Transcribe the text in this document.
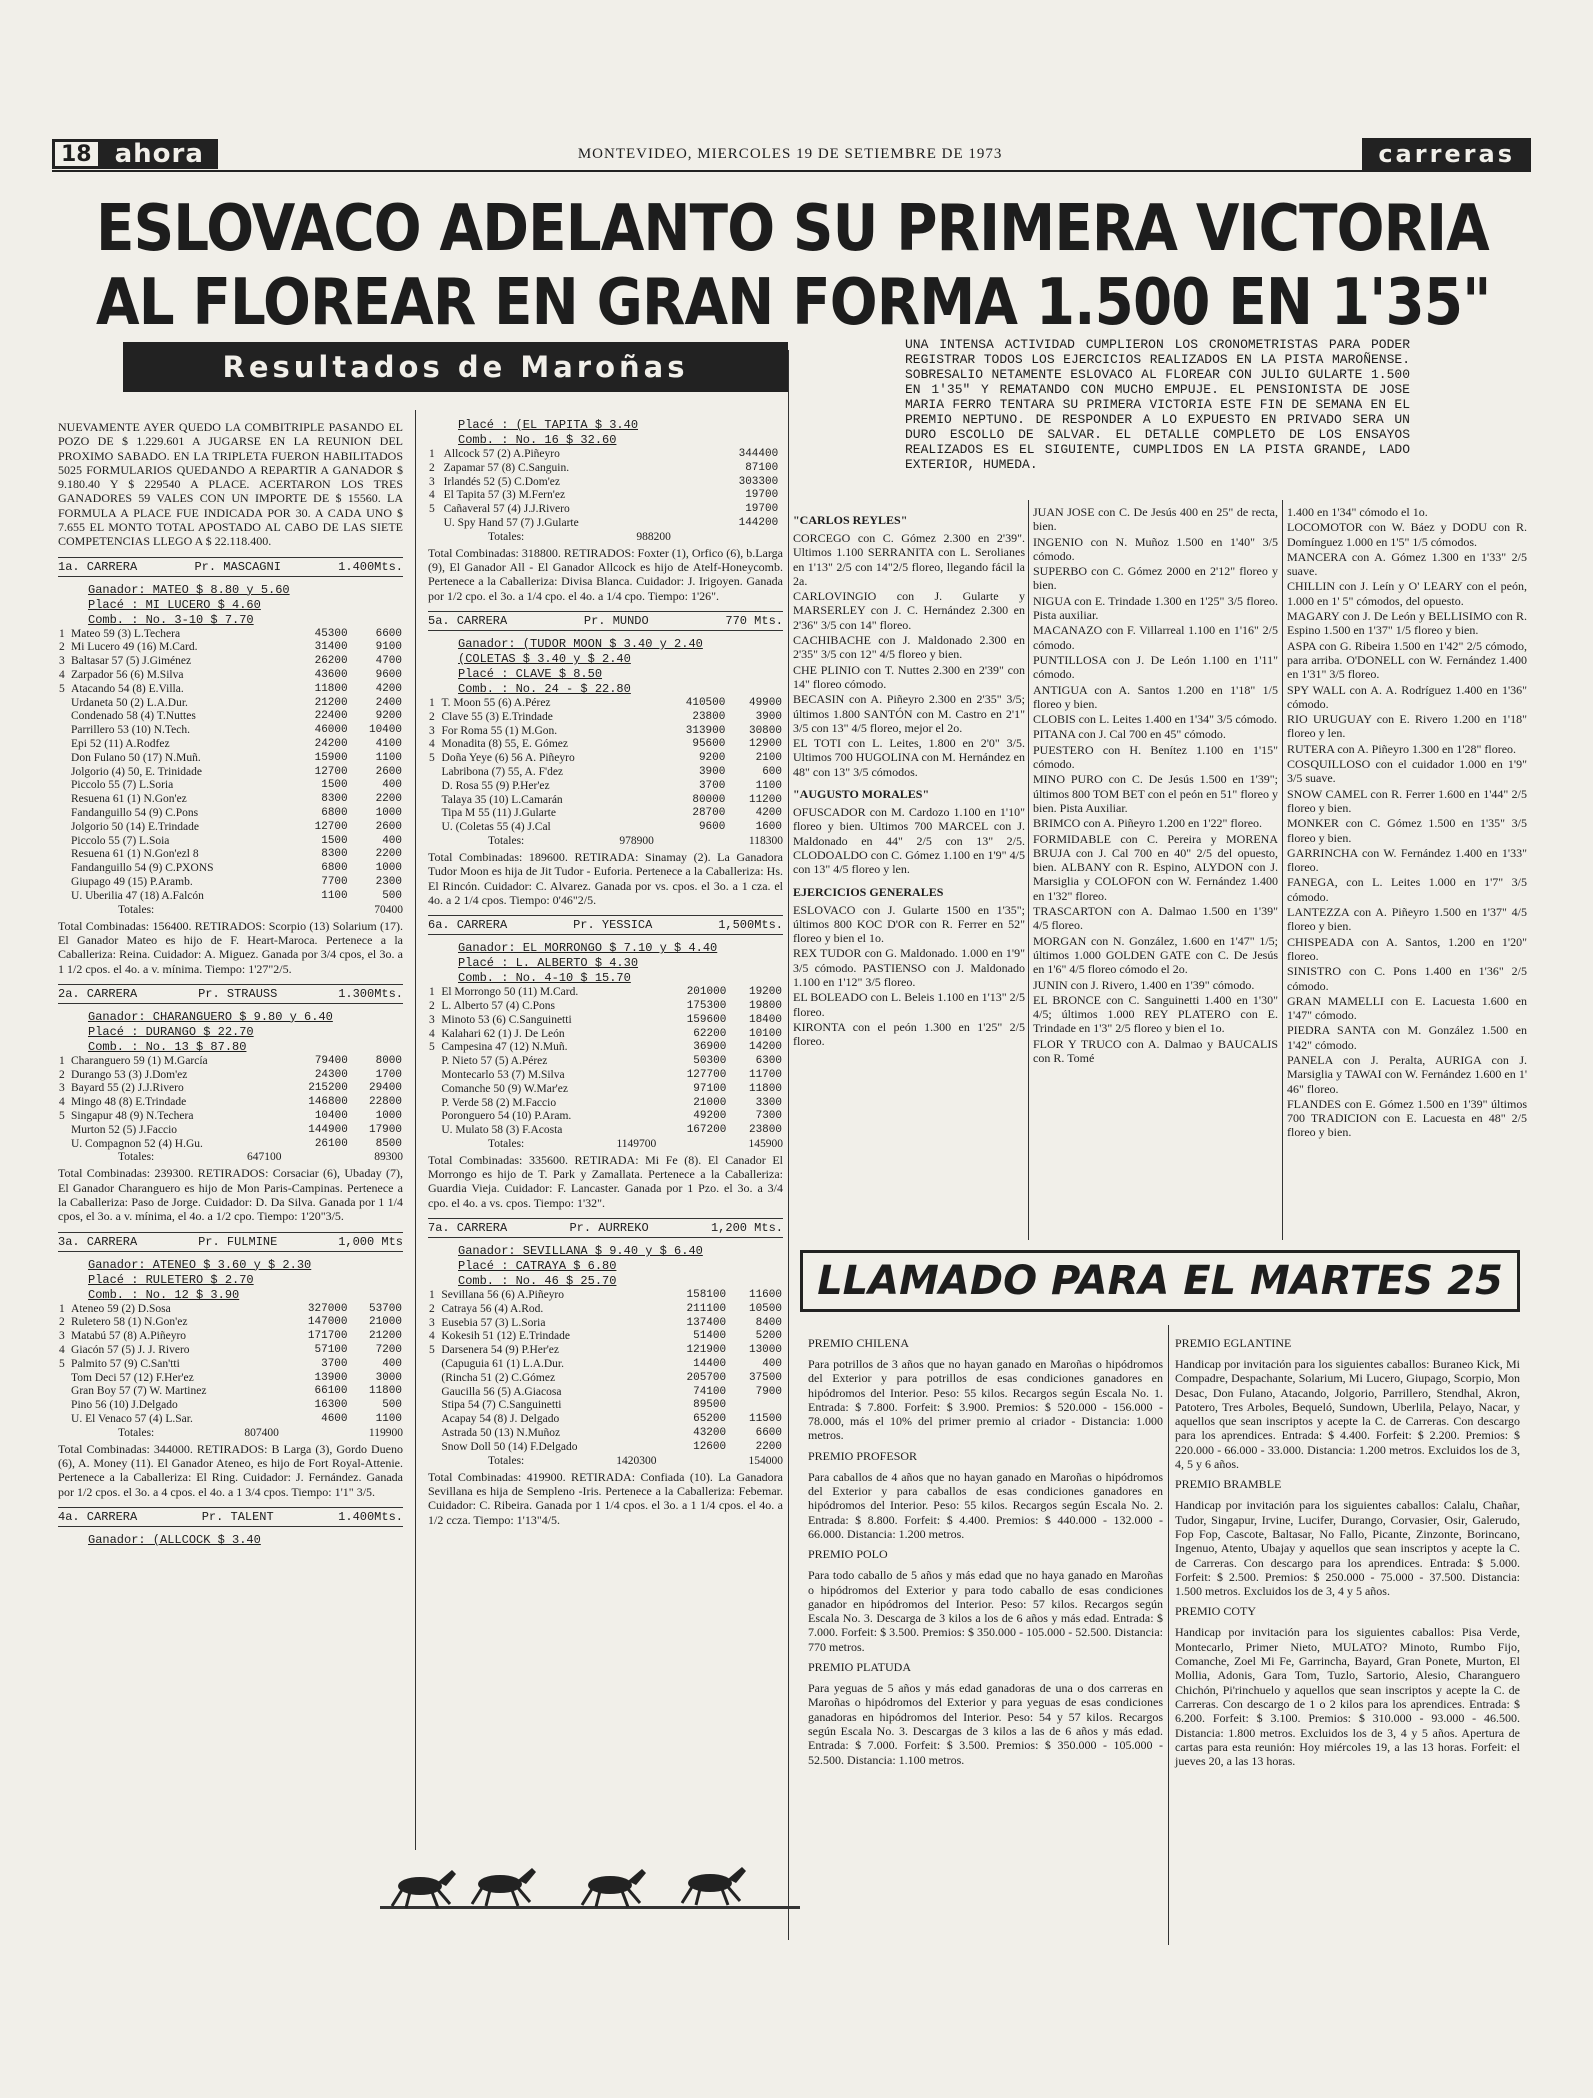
18 ahora	MONTEVIDEO, MIERCOLES 19 DE SETIEMBRE DE 1973	carreras
ESLOVACO ADELANTO SU PRIMERA VICTORIA
AL FLOREAR EN GRAN FORMA 1.500 EN 1'35"
Resultados de Maroñas
UNA INTENSA ACTIVIDAD CUMPLIERON LOS CRONOMETRISTAS PARA PODER REGISTRAR TODOS LOS EJERCICIOS REALIZADOS EN LA PISTA MAROÑENSE. SOBRESALIO NETAMENTE ESLOVACO AL FLOREAR CON JULIO GULARTE 1.500 EN 1'35" Y REMATANDO CON MUCHO EMPUJE. EL PENSIONISTA DE JOSE MARIA FERRO TENTARA SU PRIMERA VICTORIA ESTE FIN DE SEMANA EN EL PREMIO NEPTUNO. DE RESPONDER A LO EXPUESTO EN PRIVADO SERA UN DURO ESCOLLO DE SALVAR. EL DETALLE COMPLETO DE LOS ENSAYOS REALIZADOS ES EL SIGUIENTE, CUMPLIDOS EN LA PISTA GRANDE, LADO EXTERIOR, HUMEDA.
NUEVAMENTE AYER QUEDO LA COMBITRIPLE PASANDO EL POZO DE $ 1.229.601 A JUGARSE EN LA REUNION DEL PROXIMO SABADO. EN LA TRIPLETA FUERON HABILITADOS 5025 FORMULARIOS QUEDANDO A REPARTIR A GANADOR $ 9.180.40 Y $ 229540 A PLACE. ACERTARON LOS TRES GANADORES 59 VALES CON UN IMPORTE DE $ 15560. LA FORMULA A PLACE FUE INDICADA POR 30. A CADA UNO $ 7.655 EL MONTO TOTAL APOSTADO AL CABO DE LAS SIETE COMPETENCIAS LLEGO A $ 22.118.400.
1a. CARRERA	Pr. MASCAGNI	1.400Mts.
Ganador: MATEO $ 8.80 y 5.60
Placé : MI LUCERO $ 4.60
Comb. : No. 3-10 $ 7.70
1	Mateo 59 (3) L.Techera	45300	6600
2	Mi Lucero 49 (16) M.Card.	31400	9100
3	Baltasar 57 (5) J.Giménez	26200	4700
4	Zarpador 56 (6) M.Silva	43600	9600
5	Atacando 54 (8) E.Villa.	11800	4200
	Urdaneta 50 (2) L.A.Dur.	21200	2400
	Condenado 58 (4) T.Nuttes	22400	9200
	Parrillero 53 (10) N.Tech.	46000	10400
	Epi 52 (11) A.Rodfez	24200	4100
	Don Fulano 50 (17) N.Muñ.	15900	1100
	Jolgorio (4) 50, E. Trinidade	12700	2600
	Piccolo 55 (7) L.Soria	1500	400
	Resuena 61 (1) N.Gon'ez	8300	2200
	Fandanguillo 54 (9) C.Pons	6800	1000
	Jolgorio 50 (14) E.Trindade	12700	2600
	Piccolo 55 (7) L.Soia	1500	400
	Resuena 61 (1) N.Gon'ezl 8	8300	2200
	Fandanguillo 54 (9) C.PXONS	6800	1000
	Giupago 49 (15) P.Aramb.	7700	2300
	U. Uberilia 47 (18) A.Falcón	1100	500
Totales:	70400
Total Combinadas: 156400. RETIRADOS: Scorpio (13) Solarium (17). El Ganador Mateo es hijo de F. Heart-Maroca. Pertenece a la Caballeriza: Reina. Cuidador: A. Miguez. Ganada por 3/4 cpos, el 3o. a 1 1/2 cpos. el 4o. a v. mínima. Tiempo: 1'27"2/5.
2a. CARRERA	Pr. STRAUSS	1.300Mts.
Ganador: CHARANGUERO $ 9.80 y 6.40
Placé : DURANGO $ 22.70
Comb. : No. 13 $ 87.80
1	Charanguero 59 (1) M.García	79400	8000
2	Durango 53 (3) J.Dom'ez	24300	1700
3	Bayard 55 (2) J.J.Rivero	215200	29400
4	Mingo 48 (8) E.Trindade	146800	22800
5	Singapur 48 (9) N.Techera	10400	1000
	Murton 52 (5) J.Faccio	144900	17900
	U. Compagnon 52 (4) H.Gu.	26100	8500
Totales:	647100	89300
Total Combinadas: 239300. RETIRADOS: Corsaciar (6), Ubaday (7), El Ganador Charanguero es hijo de Mon Paris-Campinas. Pertenece a la Caballeriza: Paso de Jorge. Cuidador: D. Da Silva. Ganada por 1 1/4 cpos, el 3o. a v. mínima, el 4o. a 1/2 cpo. Tiempo: 1'20"3/5.
3a. CARRERA	Pr. FULMINE	1,000 Mts
Ganador: ATENEO $ 3.60 y $ 2.30
Placé : RULETERO $ 2.70
Comb. : No. 12 $ 3.90
1	Ateneo 59 (2) D.Sosa	327000	53700
2	Ruletero 58 (1) N.Gon'ez	147000	21000
3	Matabú 57 (8) A.Piñeyro	171700	21200
4	Giacón 57 (5) J. J. Rivero	57100	7200
5	Palmito 57 (9) C.San'tti	3700	400
	Tom Deci 57 (12) F.Her'ez	13900	3000
	Gran Boy 57 (7) W. Martinez	66100	11800
	Pino 56 (10) J.Delgado	16300	500
	U. El Venaco 57 (4) L.Sar.	4600	1100
Totales:	807400	119900
Total Combinadas: 344000. RETIRADOS: B Larga (3), Gordo Dueno (6), A. Money (11). El Ganador Ateneo, es hijo de Fort Royal-Attenie. Pertenece a la Caballeriza: El Ring. Cuidador: J. Fernández. Ganada por 1/2 cpos. el 3o. a 4 cpos. el 4o. a 1 3/4 cpos. Tiempo: 1'1" 3/5.
4a. CARRERA	Pr. TALENT	1.400Mts.
Ganador: (ALLCOCK $ 3.40
Placé : (EL TAPITA $ 3.40
Comb. : No. 16 $ 32.60
1	Allcock 57 (2) A.Piñeyro	344400	
2	Zapamar 57 (8) C.Sanguin.	87100	
3	Irlandés 52 (5) C.Dom'ez	303300	
4	El Tapita 57 (3) M.Fern'ez	19700	
5	Cañaveral 57 (4) J.J.Rivero	19700	
	U. Spy Hand 57 (7) J.Gularte	144200	
Totales:	988200
Total Combinadas: 318800. RETIRADOS: Foxter (1), Orfico (6), b.Larga (9), El Ganador All - El Ganador Allcock es hijo de Atelf-Honeycomb. Pertenece a la Caballeriza: Divisa Blanca. Cuidador: J. Irigoyen. Ganada por 1/2 cpo. el 3o. a 1/4 cpo. el 4o. a 1/4 cpo. Tiempo: 1'26".
5a. CARRERA	Pr. MUNDO	770 Mts.
Ganador: (TUDOR MOON $ 3.40 y 2.40
(COLETAS $ 3.40 y $ 2.40
Placé : CLAVE $ 8.50
Comb. : No. 24 - $ 22.80
1	T. Moon 55 (6) A.Pérez	410500	49900
2	Clave 55 (3) E.Trindade	23800	3900
3	For Roma 55 (1) M.Gon.	313900	30800
4	Monadita (8) 55, E. Gómez	95600	12900
5	Doña Yeye (6) 56 A. Piñeyro	9200	2100
	Labribona (7) 55, A. F'dez	3900	600
	D. Rosa 55 (9) P.Her'ez	3700	1100
	Talaya 35 (10) L.Camarán	80000	11200
	Tipa M 55 (11) J.Gularte	28700	4200
	U. (Coletas 55 (4) J.Cal	9600	1600
Totales:	978900	118300
Total Combinadas: 189600. RETIRADA: Sinamay (2). La Ganadora Tudor Moon es hija de Jit Tudor - Euforia. Pertenece a la Caballeriza: Hs. El Rincón. Cuidador: C. Alvarez. Ganada por vs. cpos. el 3o. a 1 cza. el 4o. a 2 1/4 cpos. Tiempo: 0'46"2/5.
6a. CARRERA	Pr. YESSICA	1,500Mts.
Ganador: EL MORRONGO $ 7.10 y $ 4.40
Placé : L. ALBERTO $ 4.30
Comb. : No. 4-10 $ 15.70
1	El Morrongo 50 (11) M.Card.	201000	19200
2	L. Alberto 57 (4) C.Pons	175300	19800
3	Minoto 53 (6) C.Sanguinetti	159600	18400
4	Kalahari 62 (1) J. De León	62200	10100
5	Campesina 47 (12) N.Muñ.	36900	14200
	P. Nieto 57 (5) A.Pérez	50300	6300
	Montecarlo 53 (7) M.Silva	127700	11700
	Comanche 50 (9) W.Mar'ez	97100	11800
	P. Verde 58 (2) M.Faccio	21000	3300
	Poronguero 54 (10) P.Aram.	49200	7300
	U. Mulato 58 (3) F.Acosta	167200	23800
Totales:	1149700	145900
Total Combinadas: 335600. RETIRADA: Mi Fe (8). El Canador El Morrongo es hijo de T. Park y Zamallata. Pertenece a la Caballeriza: Guardia Vieja. Cuidador: F. Lancaster. Ganada por 1 Pzo. el 3o. a 3/4 cpo. el 4o. a vs. cpos. Tiempo: 1'32".
7a. CARRERA	Pr. AURREKO	1,200 Mts.
Ganador: SEVILLANA $ 9.40 y $ 6.40
Placé : CATRAYA $ 6.80
Comb. : No. 46 $ 25.70
1	Sevillana 56 (6) A.Piñeyro	158100	11600
2	Catraya 56 (4) A.Rod.	211100	10500
3	Eusebia 57 (3) L.Soria	137400	8400
4	Kokesih 51 (12) E.Trindade	51400	5200
5	Darsenera 54 (9) P.Her'ez	121900	13000
	(Capuguia 61 (1) L.A.Dur.	14400	400
	(Rincha 51 (2) C.Gómez	205700	37500
	Gaucilla 56 (5) A.Giacosa	74100	7900
	Stipa 54 (7) C.Sanguinetti	89500	
	Acapay 54 (8) J. Delgado	65200	11500
	Astrada 50 (13) N.Muñoz	43200	6600
	Snow Doll 50 (14) F.Delgado	12600	2200
Totales:	1420300	154000
Total Combinadas: 419900. RETIRADA: Confiada (10). La Ganadora Sevillana es hija de Sempleno -Iris. Pertenece a la Caballeriza: Febemar. Cuidador: C. Ribeira. Ganada por 1 1/4 cpos. el 3o. a 1 1/4 cpos. el 4o. a 1/2 ccza. Tiempo: 1'13"4/5.
"CARLOS REYLES"
CORCEGO con C. Gómez 2.300 en 2'39". Ultimos 1.100 SERRANITA con L. Serolianes en 1'13" 2/5 con 14"2/5 floreo, llegando fácil la 2a.
CARLOVINGIO con J. Gularte y MARSERLEY con J. C. Hernández 2.300 en 2'36" 3/5 con 14" floreo.
CACHIBACHE con J. Maldonado 2.300 en 2'35" 3/5 con 12" 4/5 floreo y bien.
CHE PLINIO con T. Nuttes 2.300 en 2'39" con 14" floreo cómodo.
BECASIN con A. Piñeyro 2.300 en 2'35" 3/5; últimos 1.800 SANTÓN con M. Castro en 2'1" 3/5 con 13" 4/5 floreo, mejor el 2o.
EL TOTI con L. Leites, 1.800 en 2'0" 3/5. Ultimos 700 HUGOLINA con M. Hernández en 48" con 13" 3/5 cómodos.
"AUGUSTO MORALES"
OFUSCADOR con M. Cardozo 1.100 en 1'10" floreo y bien. Ultimos 700 MARCEL con J. Maldonado en 44" 2/5 con 13" 2/5. CLODOALDO con C. Gómez 1.100 en 1'9" 4/5 con 13" 4/5 floreo y len.
EJERCICIOS GENERALES
ESLOVACO con J. Gularte 1500 en 1'35"; últimos 800 KOC D'OR con R. Ferrer en 52" floreo y bien el 1o.
REX TUDOR con G. Maldonado. 1.000 en 1'9" 3/5 cómodo. PASTIENSO con J. Maldonado 1.100 en 1'12" 3/5 floreo.
EL BOLEADO con L. Beleis 1.100 en 1'13" 2/5 floreo.
KIRONTA con el peón 1.300 en 1'25" 2/5 floreo.
JUAN JOSE con C. De Jesús 400 en 25" de recta, bien.
INGENIO con N. Muñoz 1.500 en 1'40" 3/5 cómodo.
SUPERBO con C. Gómez 2000 en 2'12" floreo y bien.
NIGUA con E. Trindade 1.300 en 1'25" 3/5 floreo. Pista auxiliar.
MACANAZO con F. Villarreal 1.100 en 1'16" 2/5 cómodo.
PUNTILLOSA con J. De León 1.100 en 1'11" cómodo.
ANTIGUA con A. Santos 1.200 en 1'18" 1/5 floreo y bien.
CLOBIS con L. Leites 1.400 en 1'34" 3/5 cómodo.
PITANA con J. Cal 700 en 45" cómodo.
PUESTERO con H. Benítez 1.100 en 1'15" cómodo.
MINO PURO con C. De Jesús 1.500 en 1'39"; últimos 800 TOM BET con el peón en 51" floreo y bien. Pista Auxiliar.
BRIMCO con A. Piñeyro 1.200 en 1'22" floreo.
FORMIDABLE con C. Pereira y MORENA BRUJA con J. Cal 700 en 40" 2/5 del opuesto, bien. ALBANY con R. Espino, ALYDON con J. Marsiglia y COLOFON con W. Fernández 1.400 en 1'32" floreo.
TRASCARTON con A. Dalmao 1.500 en 1'39" 4/5 floreo.
MORGAN con N. González, 1.600 en 1'47" 1/5; últimos 1.000 GOLDEN GATE con C. De Jesús en 1'6" 4/5 floreo cómodo el 2o.
JUNIN con J. Rivero, 1.400 en 1'39" cómodo.
EL BRONCE con C. Sanguinetti 1.400 en 1'30" 4/5; últimos 1.000 REY PLATERO con E. Trindade en 1'3" 2/5 floreo y bien el 1o.
FLOR Y TRUCO con A. Dalmao y BAUCALIS con R. Tomé
1.400 en 1'34" cómodo el 1o.
LOCOMOTOR con W. Báez y DODU con R. Domínguez 1.000 en 1'5" 1/5 cómodos.
MANCERA con A. Gómez 1.300 en 1'33" 2/5 suave.
CHILLIN con J. Leín y O' LEARY con el peón, 1.000 en 1' 5" cómodos, del opuesto.
MAGARY con J. De León y BELLISIMO con R. Espino 1.500 en 1'37" 1/5 floreo y bien.
ASPA con G. Ribeira 1.500 en 1'42" 2/5 cómodo, para arriba. O'DONELL con W. Fernández 1.400 en 1'31" 3/5 floreo.
SPY WALL con A. A. Rodríguez 1.400 en 1'36" cómodo.
RIO URUGUAY con E. Rivero 1.200 en 1'18" floreo y len.
RUTERA con A. Piñeyro 1.300 en 1'28" floreo.
COSQUILLOSO con el cuidador 1.000 en 1'9" 3/5 suave.
SNOW CAMEL con R. Ferrer 1.600 en 1'44" 2/5 floreo y bien.
MONKER con C. Gómez 1.500 en 1'35" 3/5 floreo y bien.
GARRINCHA con W. Fernández 1.400 en 1'33" floreo.
FANEGA, con L. Leites 1.000 en 1'7" 3/5 cómodo.
LANTEZZA con A. Piñeyro 1.500 en 1'37" 4/5 floreo y bien.
CHISPEADA con A. Santos, 1.200 en 1'20" floreo.
SINISTRO con C. Pons 1.400 en 1'36" 2/5 cómodo.
GRAN MAMELLI con E. Lacuesta 1.600 en 1'47" cómodo.
PIEDRA SANTA con M. González 1.500 en 1'42" cómodo.
PANELA con J. Peralta, AURIGA con J. Marsiglia y TAWAI con W. Fernández 1.600 en 1' 46" floreo.
FLANDES con E. Gómez 1.500 en 1'39" últimos 700 TRADICION con E. Lacuesta en 48" 2/5 floreo y bien.
LLAMADO PARA EL MARTES 25
PREMIO CHILENA
Para potrillos de 3 años que no hayan ganado en Maroñas o hipódromos del Exterior y para potrillos de esas condiciones ganadores en hipódromos del Interior. Peso: 55 kilos. Recargos según Escala No. 1. Entrada: $ 7.800. Forfeit: $ 3.900. Premios: $ 520.000 - 156.000 - 78.000, más el 10% del primer premio al criador - Distancia: 1.000 metros.
PREMIO PROFESOR
Para caballos de 4 años que no hayan ganado en Maroñas o hipódromos del Exterior y para caballos de esas condiciones ganadores en hipódromos del Interior. Peso: 55 kilos. Recargos según Escala No. 2. Entrada: $ 8.800. Forfeit: $ 4.400. Premios: $ 440.000 - 132.000 - 66.000. Distancia: 1.200 metros.
PREMIO POLO
Para todo caballo de 5 años y más edad que no haya ganado en Maroñas o hipódromos del Exterior y para todo caballo de esas condiciones ganador en hipódromos del Interior. Peso: 57 kilos. Recargos según Escala No. 3. Descarga de 3 kilos a los de 6 años y más edad. Entrada: $ 7.000. Forfeit: $ 3.500. Premios: $ 350.000 - 105.000 - 52.500. Distancia: 770 metros.
PREMIO PLATUDA
Para yeguas de 5 años y más edad ganadoras de una o dos carreras en Maroñas o hipódromos del Exterior y para yeguas de esas condiciones ganadoras en hipódromos del Interior. Peso: 54 y 57 kilos. Recargos según Escala No. 3. Descargas de 3 kilos a las de 6 años y más edad. Entrada: $ 7.000. Forfeit: $ 3.500. Premios: $ 350.000 - 105.000 - 52.500. Distancia: 1.100 metros.
PREMIO EGLANTINE
Handicap por invitación para los siguientes caballos: Buraneo Kick, Mi Compadre, Despachante, Solarium, Mi Lucero, Giupago, Scorpio, Mon Desac, Don Fulano, Atacando, Jolgorio, Parrillero, Stendhal, Akron, Patotero, Tres Arboles, Bequeló, Sundown, Uberlila, Pelayo, Nacar, y aquellos que sean inscriptos y acepte la C. de Carreras. Con descargo para los aprendices. Entrada: $ 4.400. Forfeit: $ 2.200. Premios: $ 220.000 - 66.000 - 33.000. Distancia: 1.200 metros. Excluidos los de 3, 4, 5 y 6 años.
PREMIO BRAMBLE
Handicap por invitación para los siguientes caballos: Calalu, Chañar, Tudor, Singapur, Irvine, Lucifer, Durango, Corvasier, Osir, Galerudo, Fop Fop, Cascote, Baltasar, No Fallo, Picante, Zinzonte, Borincano, Ingenuo, Atento, Ubajay y aquellos que sean inscriptos y acepte la C. de Carreras. Con descargo para los aprendices. Entrada: $ 5.000. Forfeit: $ 2.500. Premios: $ 250.000 - 75.000 - 37.500. Distancia: 1.500 metros. Excluidos los de 3, 4 y 5 años.
PREMIO COTY
Handicap por invitación para los siguientes caballos: Pisa Verde, Montecarlo, Primer Nieto, MULATO? Minoto, Rumbo Fijo, Comanche, Zoel Mi Fe, Garrincha, Bayard, Gran Ponete, Murton, El Mollia, Adonis, Gara Tom, Tuzlo, Sartorio, Alesio, Charanguero Chichón, Pi'rinchuelo y aquellos que sean inscriptos y acepte la C. de Carreras. Con descargo de 1 o 2 kilos para los aprendices. Entrada: $ 6.200. Forfeit: $ 3.100. Premios: $ 310.000 - 93.000 - 46.500. Distancia: 1.800 metros. Excluidos los de 3, 4 y 5 años. Apertura de cartas para esta reunión: Hoy miércoles 19, a las 13 horas. Forfeit: el jueves 20, a las 13 horas.
